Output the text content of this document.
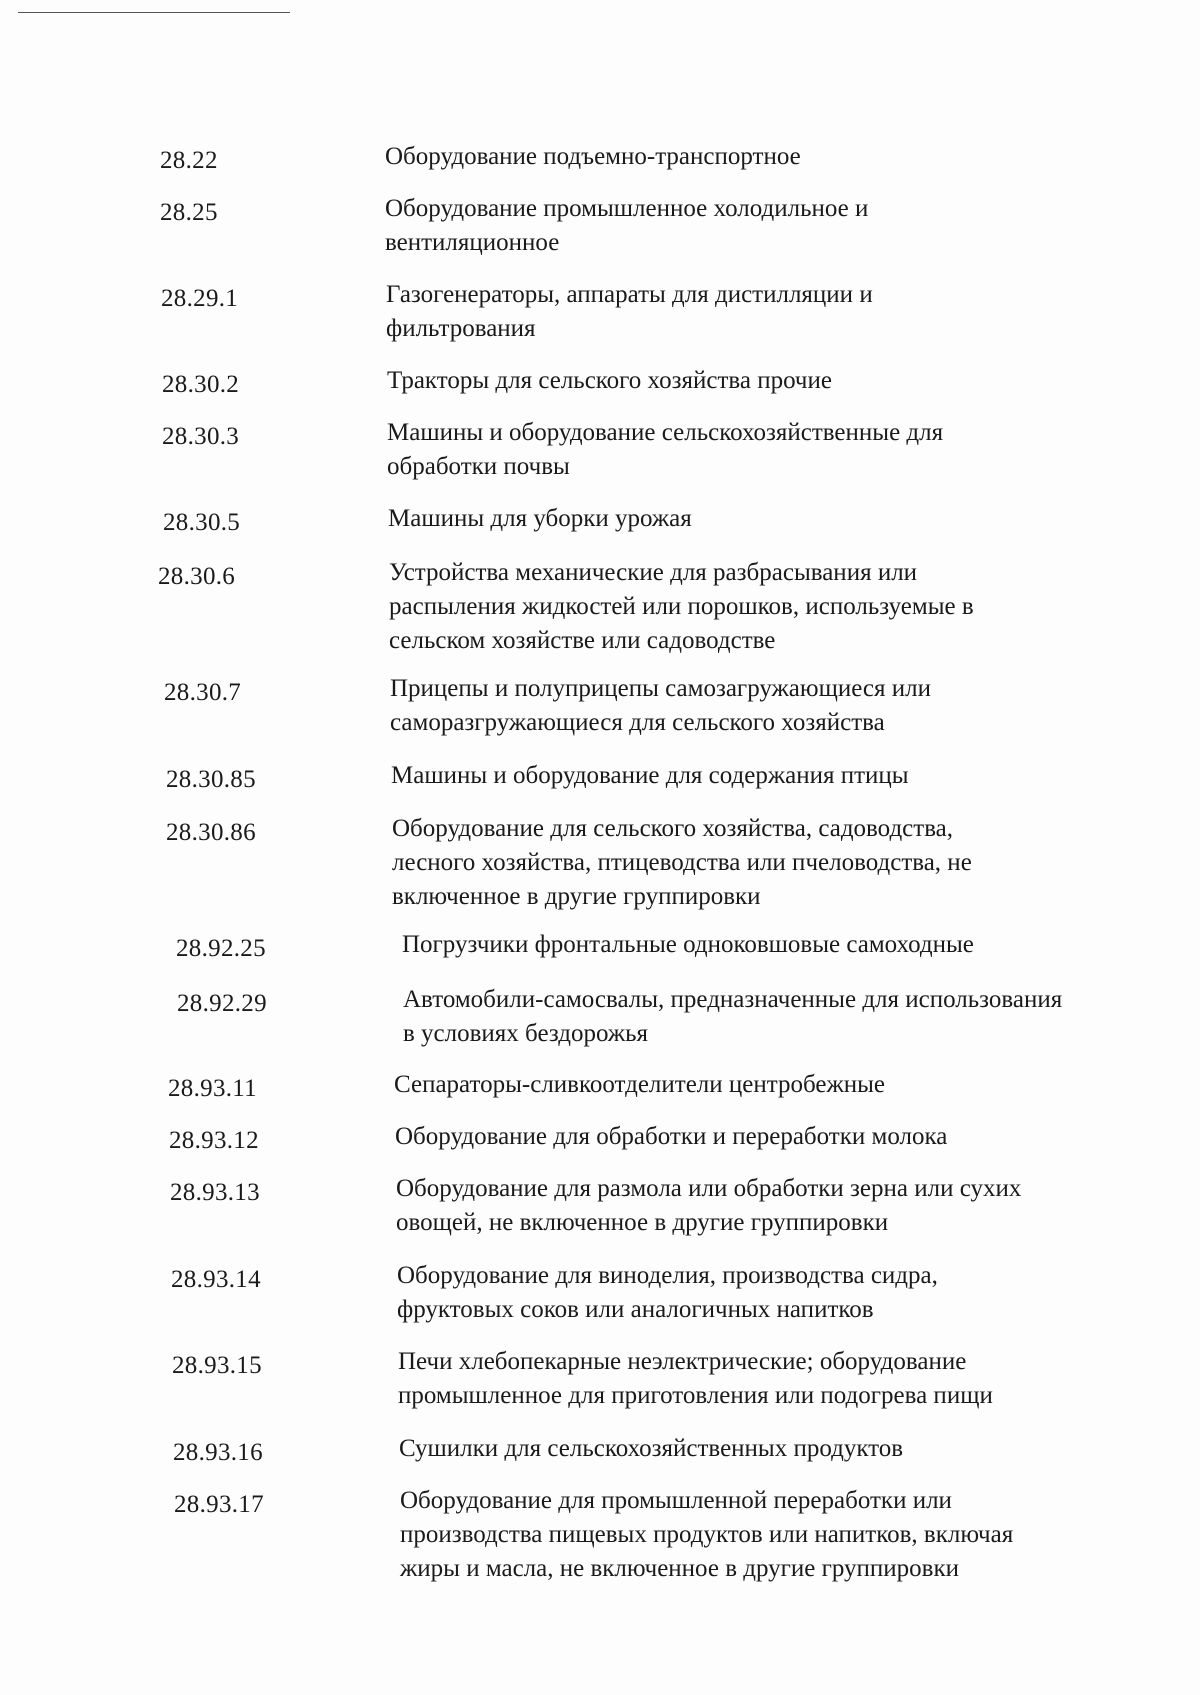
28.22	Оборудование подъемно-транспортное
28.25	Оборудование промышленное холодильное и
вентиляционное
28.29.1	Газогенераторы, аппараты для дистилляции и
фильтрования
28.30.2	Тракторы для сельского хозяйства прочие
28.30.3	Машины и оборудование сельскохозяйственные для
обработки почвы
28.30.5	Машины для уборки урожая
28.30.6	Устройства механические для разбрасывания или
распыления жидкостей или порошков, используемые в
сельском хозяйстве или садоводстве
28.30.7	Прицепы и полуприцепы самозагружающиеся или
саморазгружающиеся для сельского хозяйства
28.30.85	Машины и оборудование для содержания птицы
28.30.86	Оборудование для сельского хозяйства, садоводства,
лесного хозяйства, птицеводства или пчеловодства, не
включенное в другие группировки
28.92.25	Погрузчики фронтальные одноковшовые самоходные
28.92.29	Автомобили-самосвалы, предназначенные для использования
в условиях бездорожья
28.93.11	Сепараторы-сливкоотделители центробежные
28.93.12	Оборудование для обработки и переработки молока
28.93.13	Оборудование для размола или обработки зерна или сухих
овощей, не включенное в другие группировки
28.93.14	Оборудование для виноделия, производства сидра,
фруктовых соков или аналогичных напитков
28.93.15	Печи хлебопекарные неэлектрические; оборудование
промышленное для приготовления или подогрева пищи
28.93.16	Сушилки для сельскохозяйственных продуктов
28.93.17	Оборудование для промышленной переработки или
производства пищевых продуктов или напитков, включая
жиры и масла, не включенное в другие группировки
